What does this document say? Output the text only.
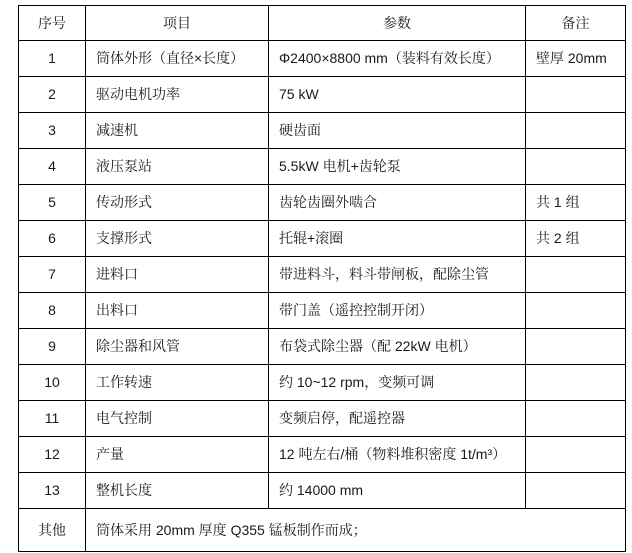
序号	项目	参数	备注
1	筒体外形（直径×长度）	Φ2400×8800 mm（装料有效长度）	壁厚 20mm
2	驱动电机功率	75 kW	
3	减速机	硬齿面	
4	液压泵站	5.5kW 电机+齿轮泵	
5	传动形式	齿轮齿圈外啮合	共 1 组
6	支撑形式	托辊+滚圈	共 2 组
7	进料口	带进料斗，料斗带闸板，配除尘管	
8	出料口	带门盖（遥控控制开闭）	
9	除尘器和风管	布袋式除尘器（配 22kW 电机）	
10	工作转速	约 10~12 rpm，变频可调	
11	电气控制	变频启停，配遥控器	
12	产量	12 吨左右/桶（物料堆积密度 1t/m³）	
13	整机长度	约 14000 mm	
其他	筒体采用 20mm 厚度 Q355 锰板制作而成；		
